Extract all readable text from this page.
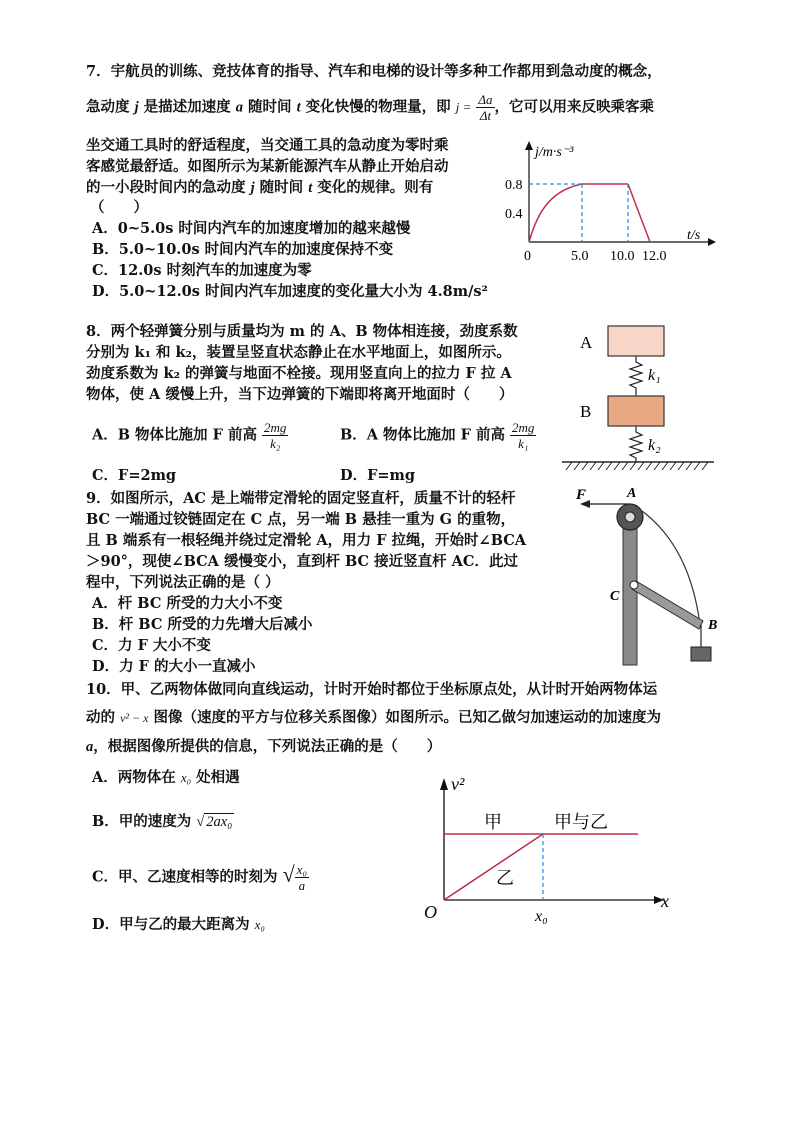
7．宇航员的训练、竞技体育的指导、汽车和电梯的设计等多种工作都用到急动度的概念，
急动度 j 是描述加速度 a 随时间 t 变化快慢的物理量，即 $j = \frac{\Delta a}{\Delta t}$ ，它可以用来反映乘客乘
坐交通工具时的舒适程度，当交通工具的急动度为零时乘
客感觉最舒适。如图所示为某新能源汽车从静止开始启动
的一小段时间内的急动度 j 随时间 t 变化的规律。则有
（　　）
A．0~5.0s 时间内汽车的加速度增加的越来越慢
B．5.0~10.0s 时间内汽车的加速度保持不变
C．12.0s 时刻汽车的加速度为零
D．5.0~12.0s 时间内汽车加速度的变化量大小为 4.8m/s²
j/m·s⁻³
t/s
0.8
0.4
0	5.0 10.0 12.0
8．两个轻弹簧分别与质量均为 m 的 A、B 物体相连接，劲度系数
分别为 k₁ 和 k₂，装置呈竖直状态静止在水平地面上，如图所示。
劲度系数为 k₂ 的弹簧与地面不栓接。现用竖直向上的拉力 F 拉 A
物体，使 A 缓慢上升，当下边弹簧的下端即将离开地面时（　　）
A．B 物体比施加 F 前高 $\frac{2mg}{\text{k₂}}$	B．A 物体比施加 F 前高 $\frac{2mg}{\text{k₁}}$
C．F=2mg	D．F=mg
A
k₁
B
k₂
9．如图所示，AC 是上端带定滑轮的固定竖直杆，质量不计的轻杆
BC 一端通过铰链固定在 C 点，另一端 B 悬挂一重为 G 的重物，
且 B 端系有一根轻绳并绕过定滑轮 A，用力 F 拉绳，开始时∠BCA
＞90°，现使∠BCA 缓慢变小，直到杆 BC 接近竖直杆 AC．此过
程中，下列说法正确的是（ ）
A．杆 BC 所受的力大小不变
B．杆 BC 所受的力先增大后减小
C．力 F 大小不变
D．力 F 的大小一直减小
F	A
C
B
10．甲、乙两物体做同向直线运动，计时开始时都位于坐标原点处，从计时开始两物体运
动的 v² − x 图像（速度的平方与位移关系图像）如图所示。已知乙做匀加速运动的加速度为
a，根据图像所提供的信息，下列说法正确的是（　　）
A．两物体在 x₀ 处相遇
B．甲的速度为 √ 2ax₀
C．甲、乙速度相等的时刻为 √ $\frac{\text{x₀}}{a}$
D．甲与乙的最大距离为 x₀
v²
x
O	x₀
甲
乙
甲与乙
